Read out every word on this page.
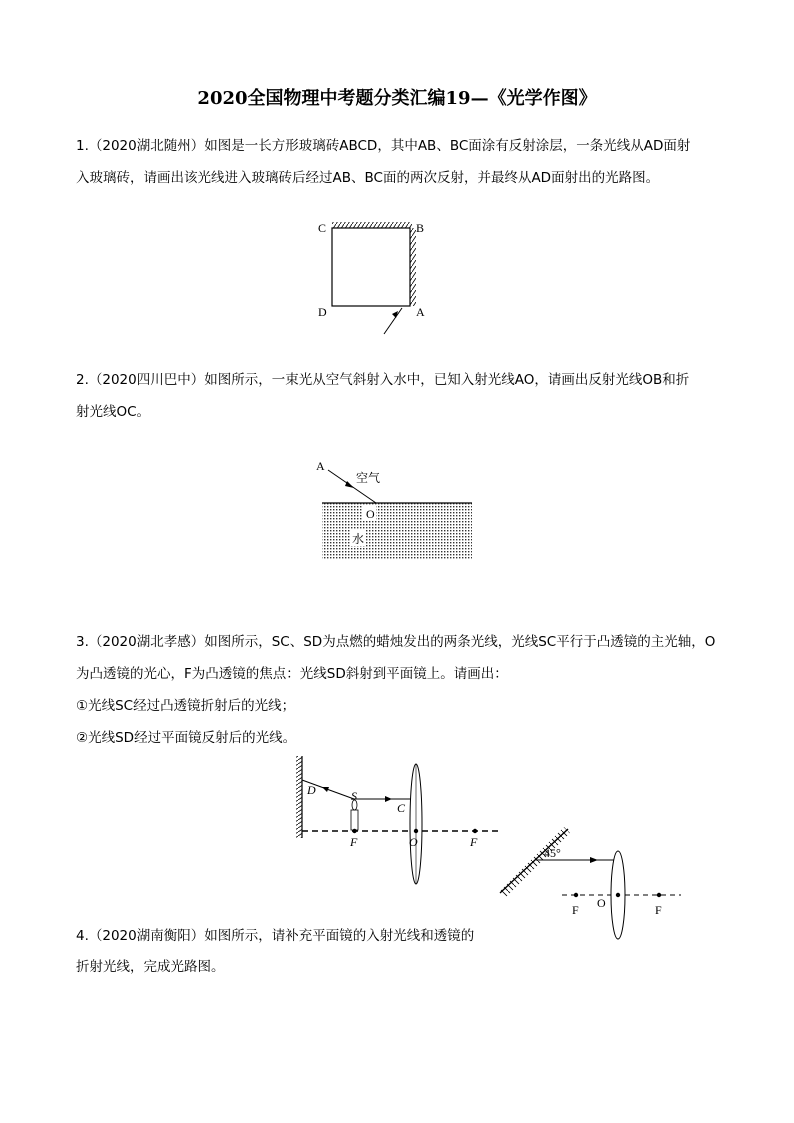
2020全国物理中考题分类汇编19—《光学作图》
1.（2020湖北随州）如图是一长方形玻璃砖ABCD，其中AB、BC面涂有反射涂层，一条光线从AD面射
入玻璃砖，请画出该光线进入玻璃砖后经过AB、BC面的两次反射，并最终从AD面射出的光路图。
C	B
D	A
2.（2020四川巴中）如图所示，一束光从空气斜射入水中，已知入射光线AO，请画出反射光线OB和折
射光线OC。
A
空气
O
水
3.（2020湖北孝感）如图所示，SC、SD为点燃的蜡烛发出的两条光线，光线SC平行于凸透镜的主光轴，O
为凸透镜的光心，F为凸透镜的焦点：光线SD斜射到平面镜上。请画出：
①光线SC经过凸透镜折射后的光线；
②光线SD经过平面镜反射后的光线。
D	S
C
F	O	F
4.（2020湖南衡阳）如图所示，请补充平面镜的入射光线和透镜的
折射光线，完成光路图。
45°
F O	F
